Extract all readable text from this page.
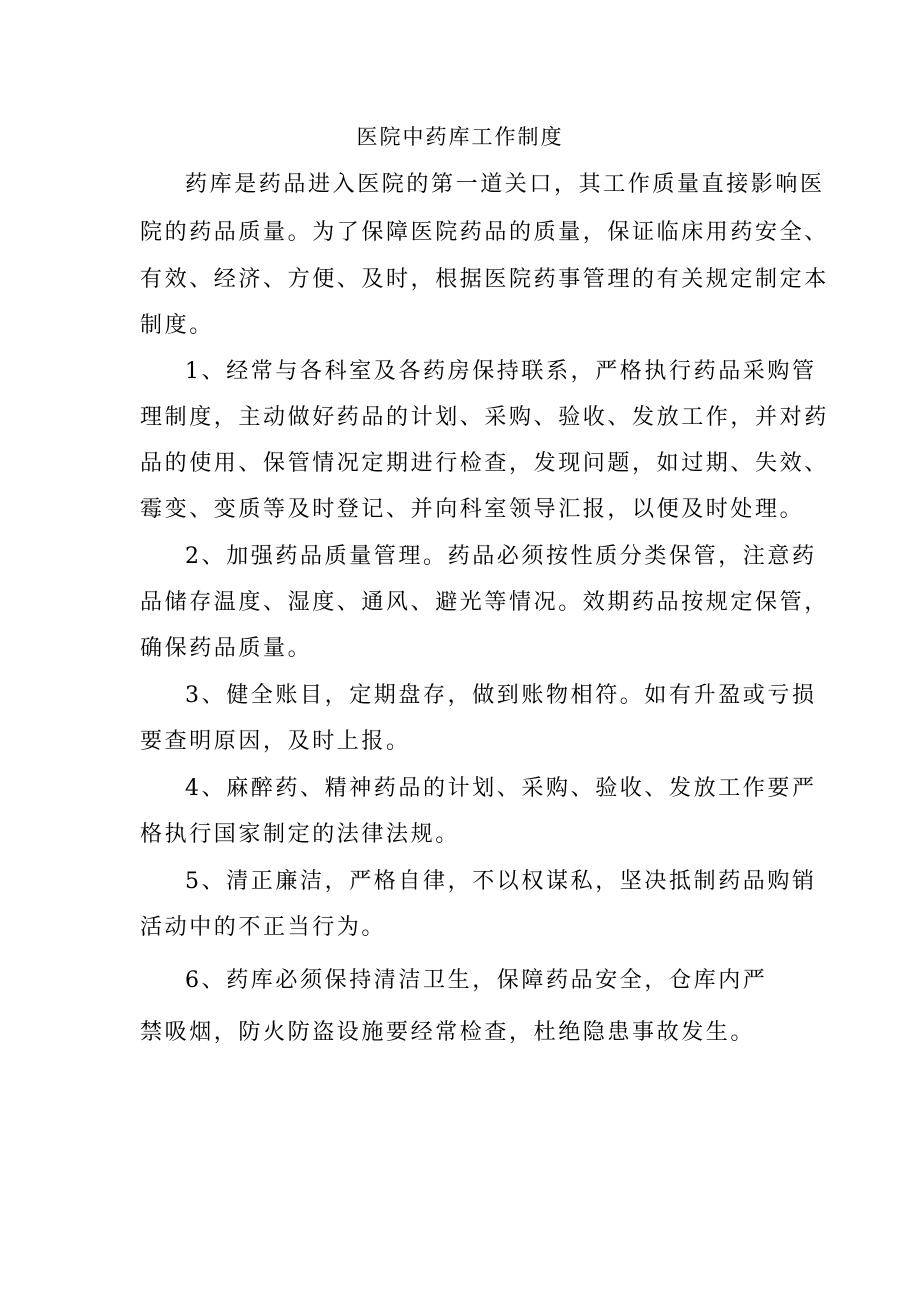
医院中药库工作制度
药库是药品进入医院的第一道关口，其工作质量直接影响医
院的药品质量。为了保障医院药品的质量，保证临床用药安全、
有效、经济、方便、及时，根据医院药事管理的有关规定制定本
制度。
1、经常与各科室及各药房保持联系，严格执行药品采购管
理制度，主动做好药品的计划、采购、验收、发放工作，并对药
品的使用、保管情况定期进行检查，发现问题，如过期、失效、
霉变、变质等及时登记、并向科室领导汇报，以便及时处理。
2、加强药品质量管理。药品必须按性质分类保管，注意药
品储存温度、湿度、通风、避光等情况。效期药品按规定保管，
确保药品质量。
3、健全账目，定期盘存，做到账物相符。如有升盈或亏损
要查明原因，及时上报。
4、麻醉药、精神药品的计划、采购、验收、发放工作要严
格执行国家制定的法律法规。
5、清正廉洁，严格自律，不以权谋私，坚决抵制药品购销
活动中的不正当行为。
6、药库必须保持清洁卫生，保障药品安全，仓库内严
禁吸烟，防火防盗设施要经常检查，杜绝隐患事故发生。
